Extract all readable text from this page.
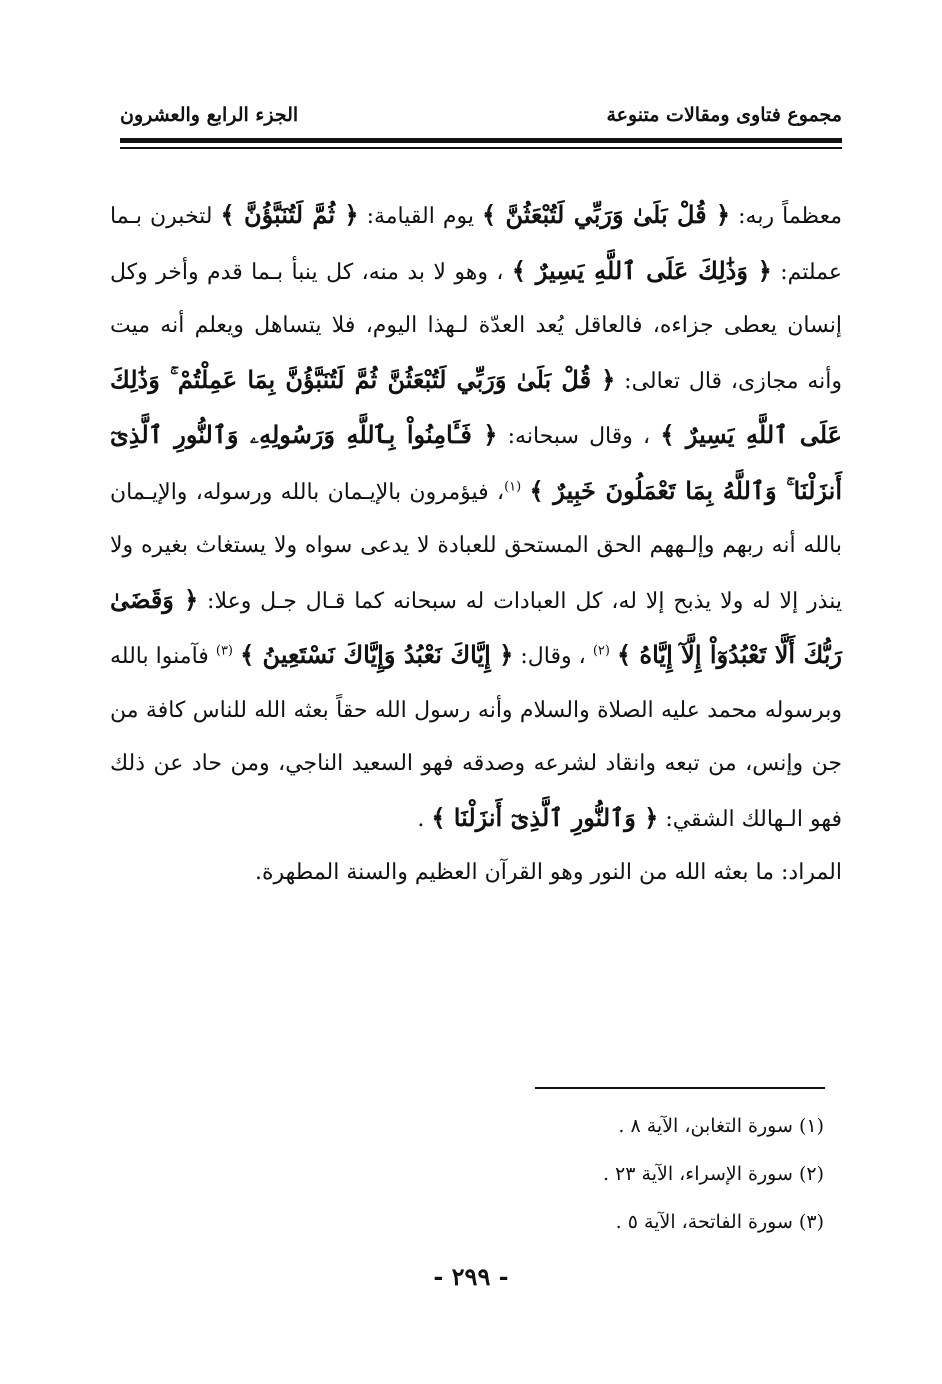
مجموع فتاوى ومقالات متنوعة
الجزء الرابع والعشرون

معظماً ربه: ﴿ قُلْ بَلَىٰ وَرَبِّي لَتُبْعَثُنَّ ﴾ يوم القيامة: ﴿ ثُمَّ لَتُنَبَّؤُنَّ ﴾ لتخبرن بـما عملتم: ﴿ وَذَٰلِكَ عَلَى ٱللَّهِ يَسِيرٌ ﴾ ، وهو لا بد منه، كل ينبأ بـما قدم وأخر وكل إنسان يعطى جزاءه، فالعاقل يُعد العدّة لـهذا اليوم، فلا يتساهل ويعلم أنه ميت وأنه مجازى، قال تعالى: ﴿ قُلْ بَلَىٰ وَرَبِّي لَتُبْعَثُنَّ ثُمَّ لَتُنَبَّؤُنَّ بِمَا عَمِلْتُمْ ۚ وَذَٰلِكَ عَلَى ٱللَّهِ يَسِيرٌ ﴾ ، وقال سبحانه: ﴿ فَـَٔامِنُواْ بِٱللَّهِ وَرَسُولِهِۦ وَٱلنُّورِ ٱلَّذِىٓ أَنزَلْنَا ۚ وَٱللَّهُ بِمَا تَعْمَلُونَ خَبِيرٌ ﴾ $^{(١)}$، فيؤمرون بالإيـمان بالله ورسوله، والإيـمان بالله أنه ربهم وإلـههم الحق المستحق للعبادة لا يدعى سواه ولا يستغاث بغيره ولا ينذر إلا له ولا يذبح إلا له، كل العبادات له سبحانه كما قـال جـل وعلا: ﴿ وَقَضَىٰ رَبُّكَ أَلَّا تَعْبُدُوٓاْ إِلَّآ إِيَّاهُ ﴾ $^{(٢)}$ ، وقال: ﴿ إِيَّاكَ نَعْبُدُ وَإِيَّاكَ نَسْتَعِينُ ﴾ $^{(٣)}$ فآمنوا بالله وبرسوله محمد عليه الصلاة والسلام وأنه رسول الله حقاً بعثه الله للناس كافة من جن وإنس، من تبعه وانقاد لشرعه وصدقه فهو السعيد الناجي، ومن حاد عن ذلك فهو الـهالك الشقي: ﴿ وَٱلنُّورِ ٱلَّذِىٓ أَنزَلْنَا ﴾ .

المراد: ما بعثه الله من النور وهو القرآن العظيم والسنة المطهرة.

(١) سورة التغابن، الآية ٨ .
(٢) سورة الإسراء، الآية ٢٣ .
(٣) سورة الفاتحة، الآية ٥ .
- ٢٩٩ -
